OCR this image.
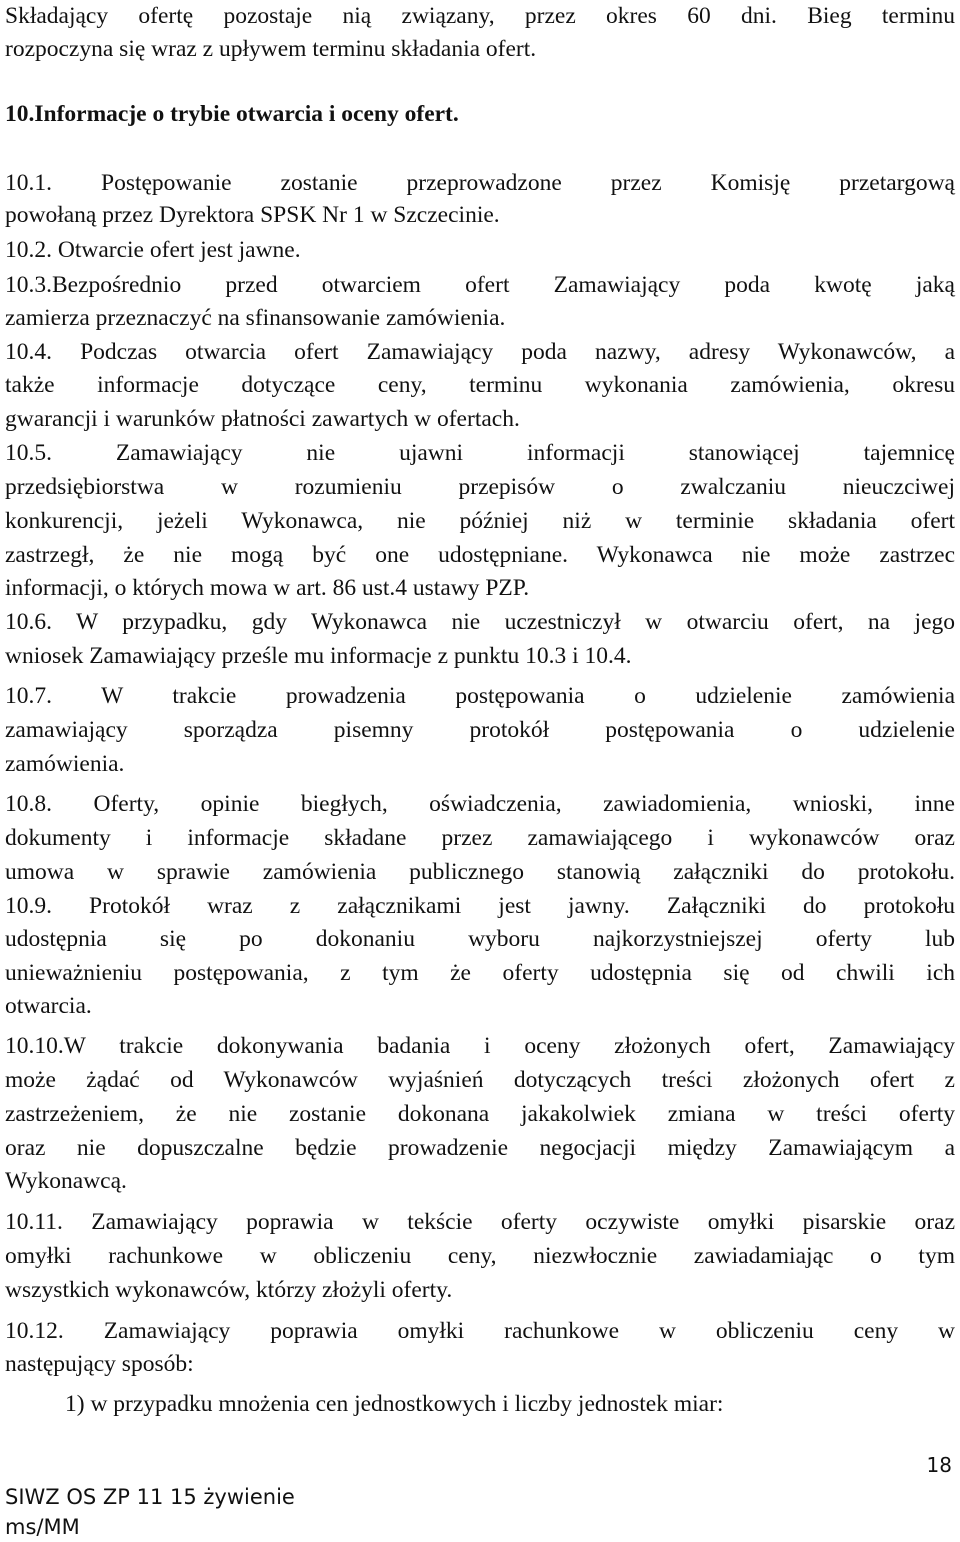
Składający ofertę pozostaje nią związany, przez okres 60 dni. Bieg terminu
rozpoczyna się wraz z upływem terminu składania ofert.
10.Informacje o trybie otwarcia i oceny ofert.
10.1. Postępowanie zostanie przeprowadzone przez Komisję przetargową
powołaną przez Dyrektora SPSK Nr 1 w Szczecinie.
10.2. Otwarcie ofert jest jawne.
10.3.Bezpośrednio przed otwarciem ofert Zamawiający poda kwotę jaką
zamierza przeznaczyć na sfinansowanie zamówienia.
10.4. Podczas otwarcia ofert Zamawiający poda nazwy, adresy Wykonawców, a
także informacje dotyczące ceny, terminu wykonania zamówienia, okresu
gwarancji i warunków płatności zawartych w ofertach.
10.5. Zamawiający nie ujawni informacji stanowiącej tajemnicę
przedsiębiorstwa w rozumieniu przepisów o zwalczaniu nieuczciwej
konkurencji, jeżeli Wykonawca, nie później niż w terminie składania ofert
zastrzegł, że nie mogą być one udostępniane. Wykonawca nie może zastrzec
informacji, o których mowa w art. 86 ust.4 ustawy PZP.
10.6. W przypadku, gdy Wykonawca nie uczestniczył w otwarciu ofert, na jego
wniosek Zamawiający prześle mu informacje z punktu 10.3 i 10.4.
10.7. W trakcie prowadzenia postępowania o udzielenie zamówienia
zamawiający sporządza pisemny protokół postępowania o udzielenie
zamówienia.
10.8. Oferty, opinie biegłych, oświadczenia, zawiadomienia, wnioski, inne
dokumenty i informacje składane przez zamawiającego i wykonawców oraz
umowa w sprawie zamówienia publicznego stanowią załączniki do protokołu.
10.9. Protokół wraz z załącznikami jest jawny. Załączniki do protokołu
udostępnia się po dokonaniu wyboru najkorzystniejszej oferty lub
unieważnieniu postępowania, z tym że oferty udostępnia się od chwili ich
otwarcia.
10.10.W trakcie dokonywania badania i oceny złożonych ofert, Zamawiający
może żądać od Wykonawców wyjaśnień dotyczących treści złożonych ofert z
zastrzeżeniem, że nie zostanie dokonana jakakolwiek zmiana w treści oferty
oraz nie dopuszczalne będzie prowadzenie negocjacji między Zamawiającym a
Wykonawcą.
10.11. Zamawiający poprawia w tekście oferty oczywiste omyłki pisarskie oraz
omyłki rachunkowe w obliczeniu ceny, niezwłocznie zawiadamiając o tym
wszystkich wykonawców, którzy złożyli oferty.
10.12. Zamawiający poprawia omyłki rachunkowe w obliczeniu ceny w
następujący sposób:
1) w przypadku mnożenia cen jednostkowych i liczby jednostek miar:
18
SIWZ OS ZP 11 15 żywienie
ms/MM
